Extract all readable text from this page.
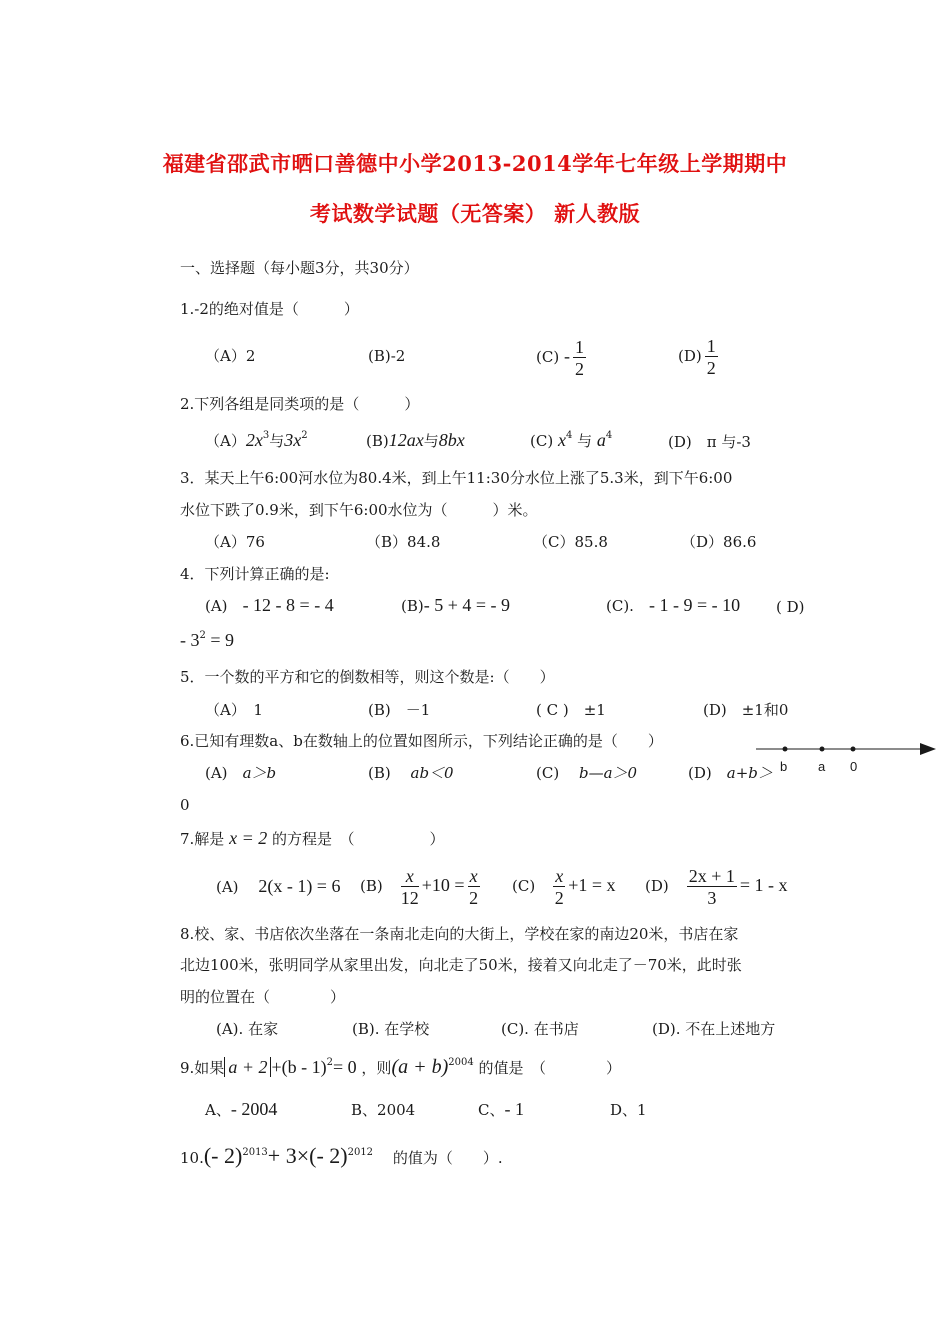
福建省邵武市晒口善德中小学2013-2014学年七年级上学期期中
考试数学试题（无答案） 新人教版
一、选择题（每小题3分，共30分）
1.-2的绝对值是（　　　）
（A）2	(B)-2	$(C) - \frac{1}{2}$	$(D) \frac{1}{2}$
2.下列各组是同类项的是（　　　）
$(A)2x^3$与$3x^2$	(B)12ax与8bx	(C) $x^4$ 与 $a^4$	(D)　π 与-3
3．某天上午6:00河水位为80.4米，到上午11:30分水位上涨了5.3米，到下午6:00
水位下跌了0.9米，到下午6:00水位为（　　　）米。
（A）76	（B）84.8	（C）85.8	（D）86.6
4．下列计算正确的是:
(A)　 - 12 - 8 = - 4	(B)- 5 + 4 = - 9	(C).　 - 1 - 9 = - 10 ( D)
- $3^2 = 9$
5．一个数的平方和它的倒数相等，则这个数是:（　　）
（A）　1	(B)　－1	( C )　±1	(D)　±1和0
6.已知有理数a、b在数轴上的位置如图所示，下列结论正确的是（　　）
(A)　 a＞b	(B)　 ab＜0	(C)　 b—a＞0	(D)　 a+b＞
0
b a 0
7.解是 x = 2 的方程是　（　　　　　）
(A)　 2(x - 1) = 6 (B)　 $\frac{x}{12} +10 = \frac{x}{2} (C)$　 $\frac{x}{2} +1 = x$ (D)　 $\frac{2x + 1}{3} = 1 - x$
8.校、家、书店依次坐落在一条南北走向的大街上，学校在家的南边20米，书店在家
北边100米，张明同学从家里出发，向北走了50米，接着又向北走了－70米，此时张
明的位置在（　　　　）
(A). 在家	(B). 在学校	(C). 在书店	(D). 不在上述地方
9.如果 a + 2 +(b - 1)$^2$= 0 ，则$(a + b)^{2004}$ 的值是　（　　　　）
A、- 2004	B、2004	C、- 1	D、1
10.(- 2)$^{2013}$+ 3×(- 2)$^{2012}$　 的值为（　　）.
